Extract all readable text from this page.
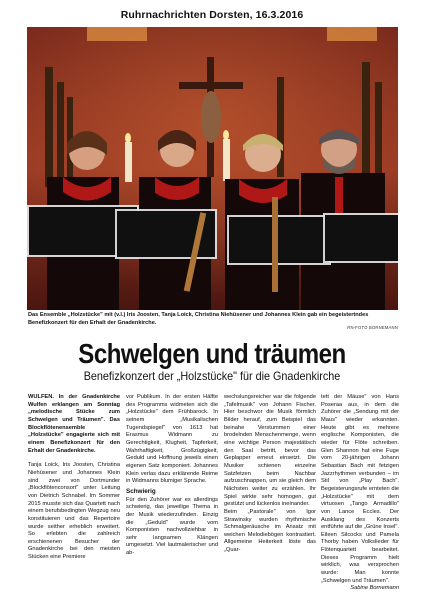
Ruhrnachrichten Dorsten, 16.3.2016
Das Ensemble „Holzstücke" mit (v.l.) Iris Joosten, Tanja Loick, Christina Niehüsener und Johannes Klein gab ein begeistertndes Benefizkonzert für den Erhalt der Gnadenkirche.
RN-FOTO BORNEMANN
Schwelgen und träumen
Benefizkonzert der „Holzstücke" für die Gnadenkirche

WULFEN. In der Gnadenkirche Wulfen erklangen am Sonntag „melodische Stücke zum Schwelgen und Träumen". Das Blockflötenensemble „Holzstücke" engagierte sich mit einem Benefizkonzert für den Erhalt der Gnadenkirche.

Tanja Loick, Iris Joosten, Christina Niehüsener und Johannes Klein sind zwei von Dortmunder „Blockflötenconsort" unter Leitung von Dietrich Schnabel. Im Sommer 2015 musste sich das Quartett nach einem berufsbedingten Wegzug neu konstituieren und das Repertoire wurde seither erheblich erweitert. So erlebten die zahlreich erschienenen Besucher der Gnadenkirche bei den meisten Stücken eine Premiere

vor Publikum. In der ersten Hälfte des Programms widmeten sich die „Holzstücke" dem Frühbarock. In seinem „Musikalischen Tugendspiegel" von 1613 hat Erasmus Widmann zu Gerechtigkeit, Klugheit, Tapferkeit, Wahrhaftigkeit, Großzügigkeit, Geduld und Hoffnung jeweils einen eigenen Satz komponiert. Johannes Klein verlas dazu erklärende Reime in Widmanns blumiger Sprache.

Schwierig

Für den Zuhörer war es allerdings schwierig, das jeweilige Thema in der Musik wiederzufinden. Einzig die „Geduld" wurde vom Komponisten nachvollziehbar in sehr langsamen Klängen umgesetzt. Viel lautmalerischer und ab-

wechslungsreicher war die folgende „Tafelmusik" von Johann Fischer. Hier beschwor die Musik förmlich Bilder herauf, zum Beispiel das beinahe Verstummen einer brodelnden Menschenmenge, wenn eine wichtige Person majestätisch den Saal betritt, bevor das Geplapper erneut einsetzt. Die Musiker schienen einzelne Satzfetzen beim Nachbar aufzuschnappen, um sie gleich dem Nächsten weiter zu erzählen. Ihr Spiel wirkte sehr homogen, gut gestützt und lückenlos ineinander.

Beim „Pastorale" von Igor Strawinsky wurden rhythmische Schmalgeräusche im Ansatz mit weichen Melodiebögen kontrastiert. Allgemeine Heiterkeit löste das „Quar-

tett der Mäuse" von Hans Poseraa aus, in dem die Zuhörer die „Sendung mit der Maus" wieder erkannten. Heute gibt es mehrere englische Komponisten, die wieder für Flöte schreiben. Glen Shannon hat eine Fuge vom 20-jährigen Johann Sebastian Bach mit fetzigen Jazzrhythmen verbunden – im Stil von „Play Bach". Begeisterungsrufe ernteten die „Holzstücke" mit dem virtuosen „Tango Armadillo" von Lance Eccles. Der Ausklang des Konzerts entführte auf die „Grüne Insel". Eileen Silcocks und Pamela Thorby haben Volkslieder für Flötenquartett bearbeitet. Dieses Programm hielt wirklich, was versprochen wurde: Man konnte „Schwelgen und Träumen".

Sabine Bornemann
